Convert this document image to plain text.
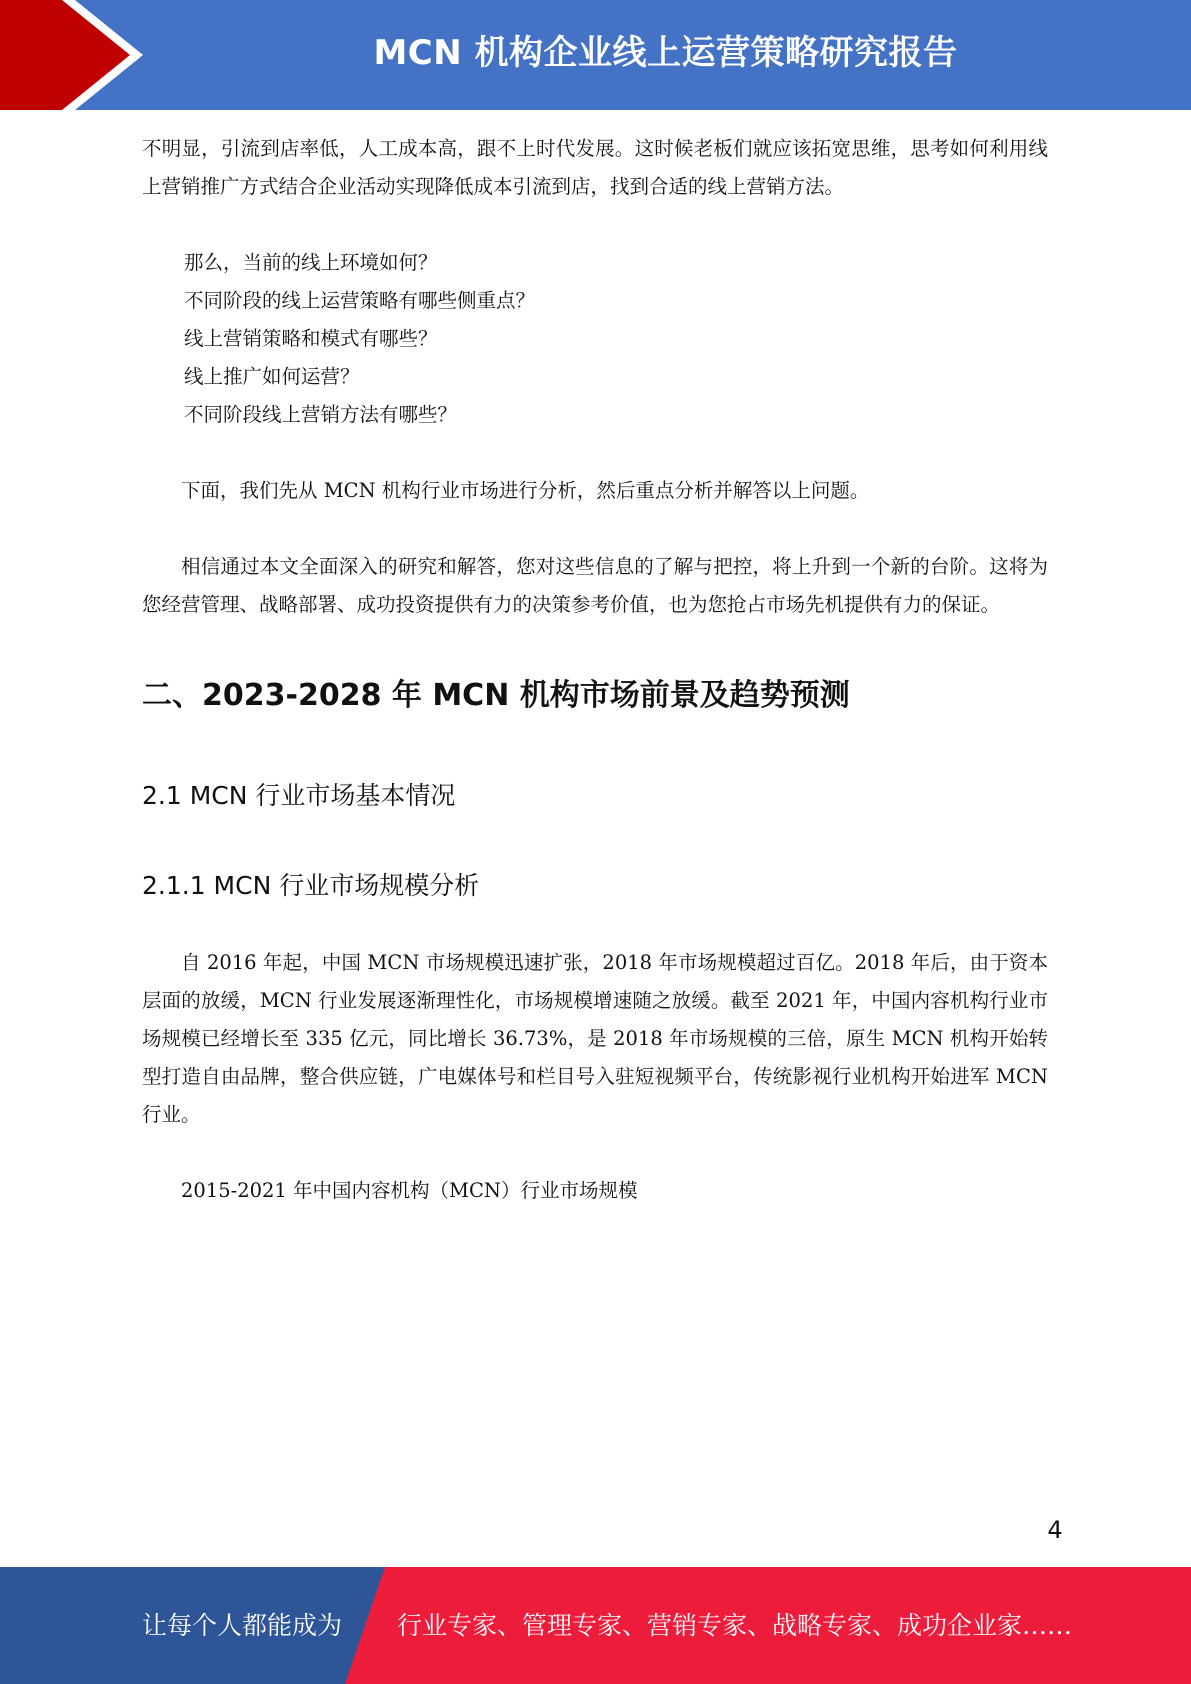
MCN 机构企业线上运营策略研究报告

不明显，引流到店率低，人工成本高，跟不上时代发展。这时候老板们就应该拓宽思维，思考如何利用线上营销推广方式结合企业活动实现降低成本引流到店，找到合适的线上营销方法。

那么，当前的线上环境如何？
不同阶段的线上运营策略有哪些侧重点？
线上营销策略和模式有哪些？
线上推广如何运营？
不同阶段线上营销方法有哪些？

下面，我们先从 MCN 机构行业市场进行分析，然后重点分析并解答以上问题。

相信通过本文全面深入的研究和解答，您对这些信息的了解与把控，将上升到一个新的台阶。这将为您经营管理、战略部署、成功投资提供有力的决策参考价值，也为您抢占市场先机提供有力的保证。

二、2023-2028 年 MCN 机构市场前景及趋势预测
2.1 MCN 行业市场基本情况
2.1.1 MCN 行业市场规模分析

自 2016 年起，中国 MCN 市场规模迅速扩张，2018 年市场规模超过百亿。2018 年后，由于资本层面的放缓，MCN 行业发展逐渐理性化，市场规模增速随之放缓。截至 2021 年，中国内容机构行业市场规模已经增长至 335 亿元，同比增长 36.73%，是 2018 年市场规模的三倍，原生 MCN 机构开始转型打造自由品牌，整合供应链，广电媒体号和栏目号入驻短视频平台，传统影视行业机构开始进军 MCN 行业。

2015-2021 年中国内容机构（MCN）行业市场规模

4
让每个人都能成为 行业专家、管理专家、营销专家、战略专家、成功企业家……
